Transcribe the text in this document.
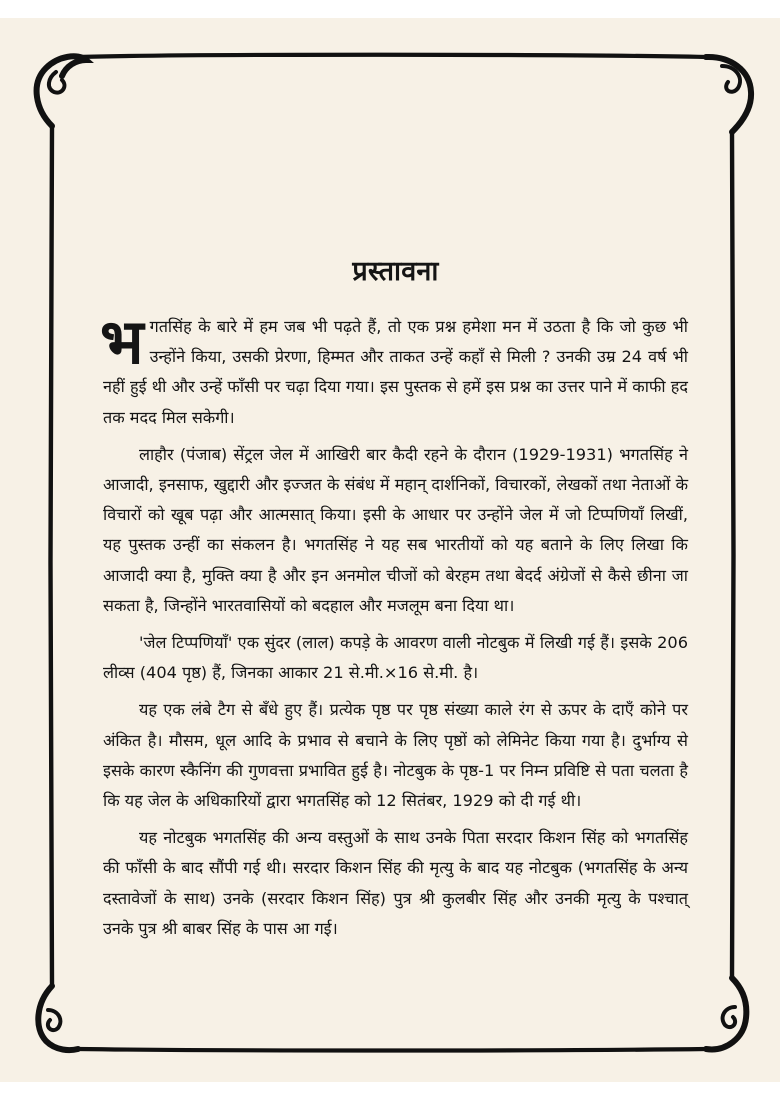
प्रस्तावना

भगतसिंह के बारे में हम जब भी पढ़ते हैं, तो एक प्रश्न हमेशा मन में उठता है कि जो कुछ भी उन्होंने किया, उसकी प्रेरणा, हिम्मत और ताकत उन्हें कहाँ से मिली ? उनकी उम्र 24 वर्ष भी नहीं हुई थी और उन्हें फाँसी पर चढ़ा दिया गया। इस पुस्तक से हमें इस प्रश्न का उत्तर पाने में काफी हद तक मदद मिल सकेगी।

लाहौर (पंजाब) सेंट्रल जेल में आखिरी बार कैदी रहने के दौरान (1929-1931) भगतसिंह ने आजादी, इनसाफ, खुद्दारी और इज्जत के संबंध में महान् दार्शनिकों, विचारकों, लेखकों तथा नेताओं के विचारों को खूब पढ़ा और आत्मसात् किया। इसी के आधार पर उन्होंने जेल में जो टिप्पणियाँ लिखीं, यह पुस्तक उन्हीं का संकलन है। भगतसिंह ने यह सब भारतीयों को यह बताने के लिए लिखा कि आजादी क्या है, मुक्ति क्या है और इन अनमोल चीजों को बेरहम तथा बेदर्द अंग्रेजों से कैसे छीना जा सकता है, जिन्होंने भारतवासियों को बदहाल और मजलूम बना दिया था।

'जेल टिप्पणियाँ' एक सुंदर (लाल) कपड़े के आवरण वाली नोटबुक में लिखी गई हैं। इसके 206 लीव्स (404 पृष्ठ) हैं, जिनका आकार 21 से.मी.×16 से.मी. है।

यह एक लंबे टैग से बँधे हुए हैं। प्रत्येक पृष्ठ पर पृष्ठ संख्या काले रंग से ऊपर के दाएँ कोने पर अंकित है। मौसम, धूल आदि के प्रभाव से बचाने के लिए पृष्ठों को लेमिनेट किया गया है। दुर्भाग्य से इसके कारण स्कैनिंग की गुणवत्ता प्रभावित हुई है। नोटबुक के पृष्ठ-1 पर निम्न प्रविष्टि से पता चलता है कि यह जेल के अधिकारियों द्वारा भगतसिंह को 12 सितंबर, 1929 को दी गई थी।

यह नोटबुक भगतसिंह की अन्य वस्तुओं के साथ उनके पिता सरदार किशन सिंह को भगतसिंह की फाँसी के बाद सौंपी गई थी। सरदार किशन सिंह की मृत्यु के बाद यह नोटबुक (भगतसिंह के अन्य दस्तावेजों के साथ) उनके (सरदार किशन सिंह) पुत्र श्री कुलबीर सिंह और उनकी मृत्यु के पश्चात् उनके पुत्र श्री बाबर सिंह के पास आ गई।
